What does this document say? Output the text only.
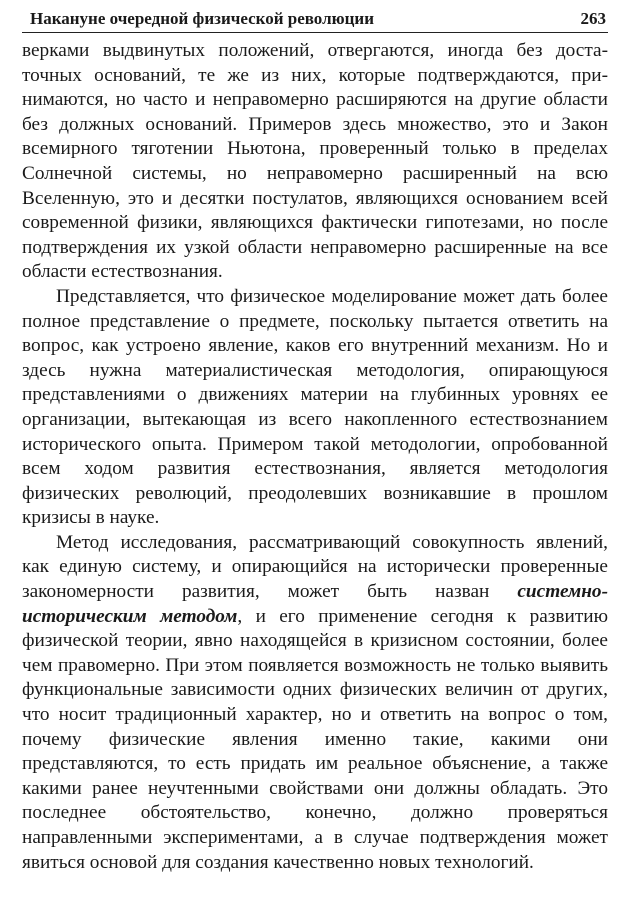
Накануне очередной физической революции	263

верками выдвинутых положений, отвергаются, иногда без достаточных оснований, те же из них, которые подтверждаются, принимаются, но часто и неправомерно расширяются на другие области без должных оснований. Примеров здесь множество, это и Закон всемирного тяготении Ньютона, проверенный только в пределах Солнечной системы, но неправомерно расширенный на всю Вселенную, это и десятки постулатов, являющихся основанием всей современной физики, являющихся фактически гипотезами, но после подтверждения их узкой области неправомерно расширенные на все области естествознания.

Представляется, что физическое моделирование может дать более полное представление о предмете, поскольку пытается ответить на вопрос, как устроено явление, каков его внутренний механизм. Но и здесь нужна материалистическая методология, опирающуюся представлениями о движениях материи на глубинных уровнях ее организации, вытекающая из всего накопленного естествознанием исторического опыта. Примером такой методологии, опробованной всем ходом развития естествознания, является методология физических революций, преодолевших возникавшие в прошлом кризисы в науке.

Метод исследования, рассматривающий совокупность явлений, как единую систему, и опирающийся на исторически проверенные закономерности развития, может быть назван системно-историческим методом, и его применение сегодня к развитию физической теории, явно находящейся в кризисном состоянии, более чем правомерно. При этом появляется возможность не только выявить функциональные зависимости одних физических величин от других, что носит традиционный характер, но и ответить на вопрос о том, почему физические явления именно такие, какими они представляются, то есть придать им реальное объяснение, а также какими ранее неучтенными свойствами они должны обладать. Это последнее обстоятельство, конечно, должно проверяться направленными экспериментами, а в случае подтверждения может явиться основой для создания качественно новых технологий.
